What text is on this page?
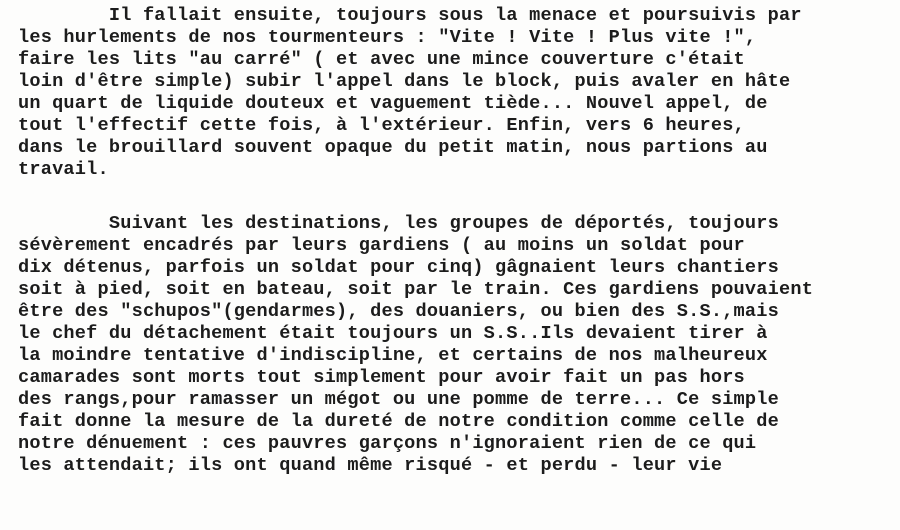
Il fallait ensuite, toujours sous la menace et poursuivis par
les hurlements de nos tourmenteurs : "Vite ! Vite ! Plus vite !",
faire les lits "au carré" ( et avec une mince couverture c'était
loin d'être simple) subir l'appel dans le block, puis avaler en hâte
un quart de liquide douteux et vaguement tiède... Nouvel appel, de
tout l'effectif cette fois, à l'extérieur. Enfin, vers 6 heures,
dans le brouillard souvent opaque du petit matin, nous partions au
travail.
Suivant les destinations, les groupes de déportés, toujours
sévèrement encadrés par leurs gardiens ( au moins un soldat pour
dix détenus, parfois un soldat pour cinq) gâgnaient leurs chantiers
soit à pied, soit en bateau, soit par le train. Ces gardiens pouvaient
être des "schupos"(gendarmes), des douaniers, ou bien des S.S.,mais
le chef du détachement était toujours un S.S..Ils devaient tirer à
la moindre tentative d'indiscipline, et certains de nos malheureux
camarades sont morts tout simplement pour avoir fait un pas hors
des rangs,pour ramasser un mégot ou une pomme de terre... Ce simple
fait donne la mesure de la dureté de notre condition comme celle de
notre dénuement : ces pauvres garçons n'ignoraient rien de ce qui
les attendait; ils ont quand même risqué - et perdu - leur vie
